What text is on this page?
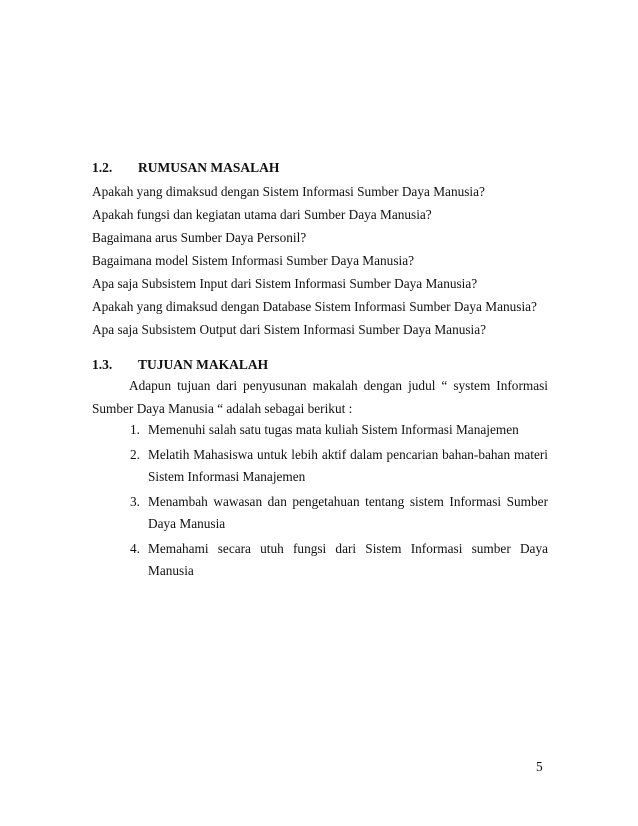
1.2. RUMUSAN MASALAH
Apakah yang dimaksud dengan Sistem Informasi Sumber Daya Manusia?
Apakah fungsi dan kegiatan utama dari Sumber Daya Manusia?
Bagaimana arus Sumber Daya Personil?
Bagaimana model Sistem Informasi Sumber Daya Manusia?
Apa saja Subsistem Input dari Sistem Informasi Sumber Daya Manusia?
Apakah yang dimaksud dengan Database Sistem Informasi Sumber Daya Manusia?
Apa saja Subsistem Output dari Sistem Informasi Sumber Daya Manusia?
1.3. TUJUAN MAKALAH
Adapun tujuan dari penyusunan makalah dengan judul “ system Informasi Sumber Daya Manusia “ adalah sebagai berikut :
1. Memenuhi salah satu tugas mata kuliah Sistem Informasi Manajemen
2. Melatih Mahasiswa untuk lebih aktif dalam pencarian bahan-bahan materi Sistem Informasi Manajemen
3. Menambah wawasan dan pengetahuan tentang sistem Informasi Sumber Daya Manusia
4. Memahami secara utuh fungsi dari Sistem Informasi sumber Daya Manusia
5
